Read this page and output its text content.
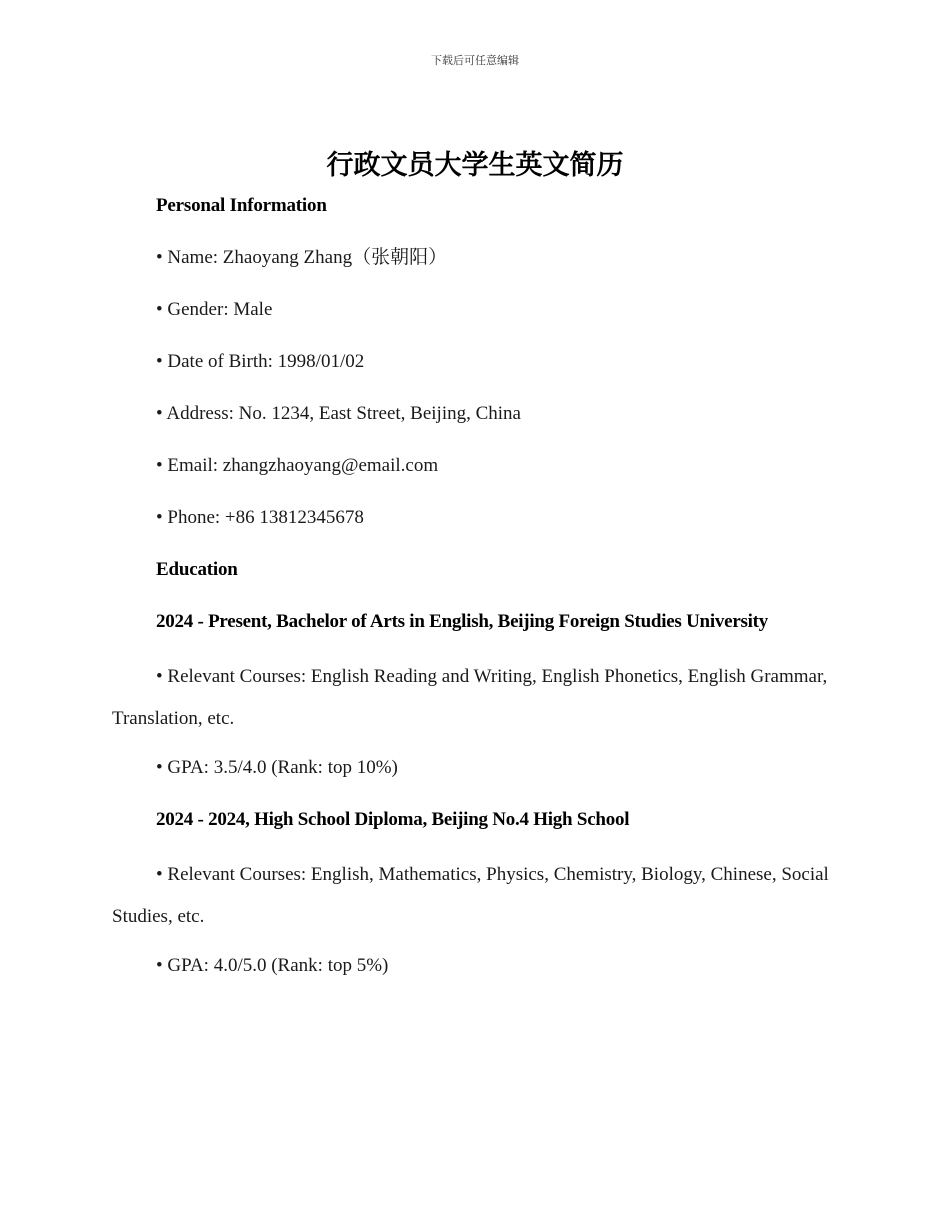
下载后可任意编辑
行政文员大学生英文简历
Personal Information

• Name: Zhaoyang Zhang（张朝阳）

• Gender: Male

• Date of Birth: 1998/01/02

• Address: No. 1234, East Street, Beijing, China

• Email: zhangzhaoyang@email.com

• Phone: +86 13812345678

Education
2024 - Present, Bachelor of Arts in English, Beijing Foreign Studies University

• Relevant Courses: English Reading and Writing, English Phonetics, English Grammar, Translation, etc.

• GPA: 3.5/4.0 (Rank: top 10%)

2024 - 2024, High School Diploma, Beijing No.4 High School

• Relevant Courses: English, Mathematics, Physics, Chemistry, Biology, Chinese, Social Studies, etc.

• GPA: 4.0/5.0 (Rank: top 5%)
